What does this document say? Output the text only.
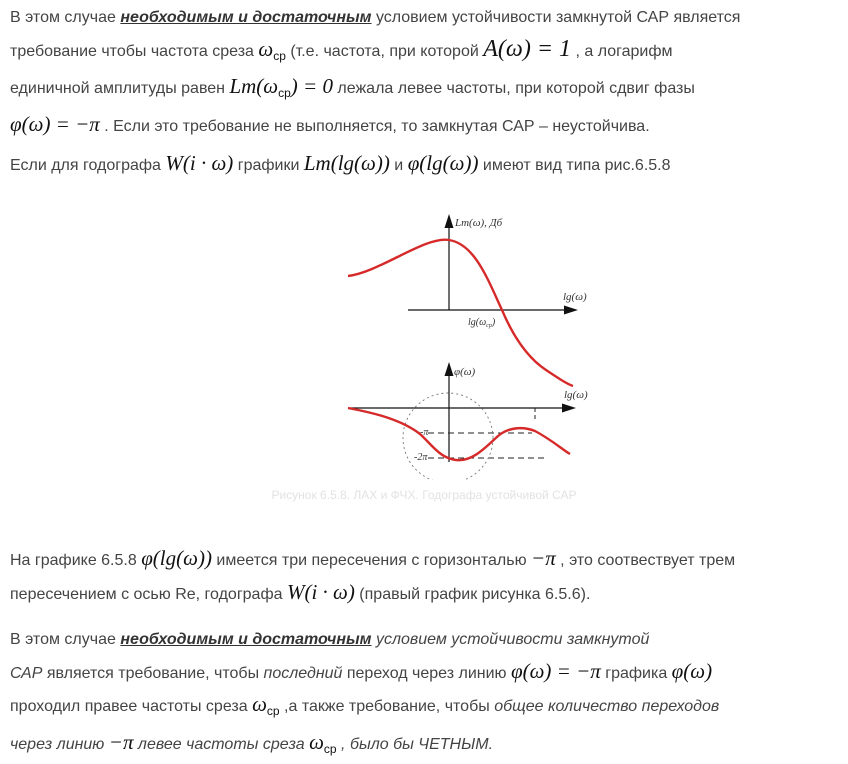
В этом случае необходимым и достаточным условием устойчивости замкнутой САР является
требование чтобы частота среза $\omega_{ср}$ (т.е. частота, при которой A(ω) = 1 , а логарифм
единичной амплитуды равен $Lm(\omega_{ср}) = 0$ лежала левее частоты, при которой сдвиг фазы
φ(ω) = −π . Если это требование не выполняется, то замкнутая САР – неустойчива.
Если для годографа W(i · ω) графики Lm(lg(ω)) и φ(lg(ω)) имеют вид типа рис.6.5.8
Lm(ω), Дб
lg(ω)
$\lg(\omega_{ср})$
φ(ω)
lg(ω)
-π
-2π
Рисунок 6.5.8. ЛАХ и ФЧХ. Годографа устойчивой САР
На графике 6.5.8 φ(lg(ω)) имеется три пересечения с горизонталью −π , это соотвествует трем
пересечением с осью Re, годографа W(i · ω) (правый график рисунка 6.5.6).
В этом случае необходимым и достаточным условием устойчивости замкнутой
САР является требование, чтобы последний переход через линию φ(ω) = −π графика φ(ω)
проходил правее частоты среза $\omega_{ср}$ ,а также требование, чтобы общее количество переходов
через линию −π левее частоты среза $\omega_{ср}$ , было бы ЧЕТНЫМ.
